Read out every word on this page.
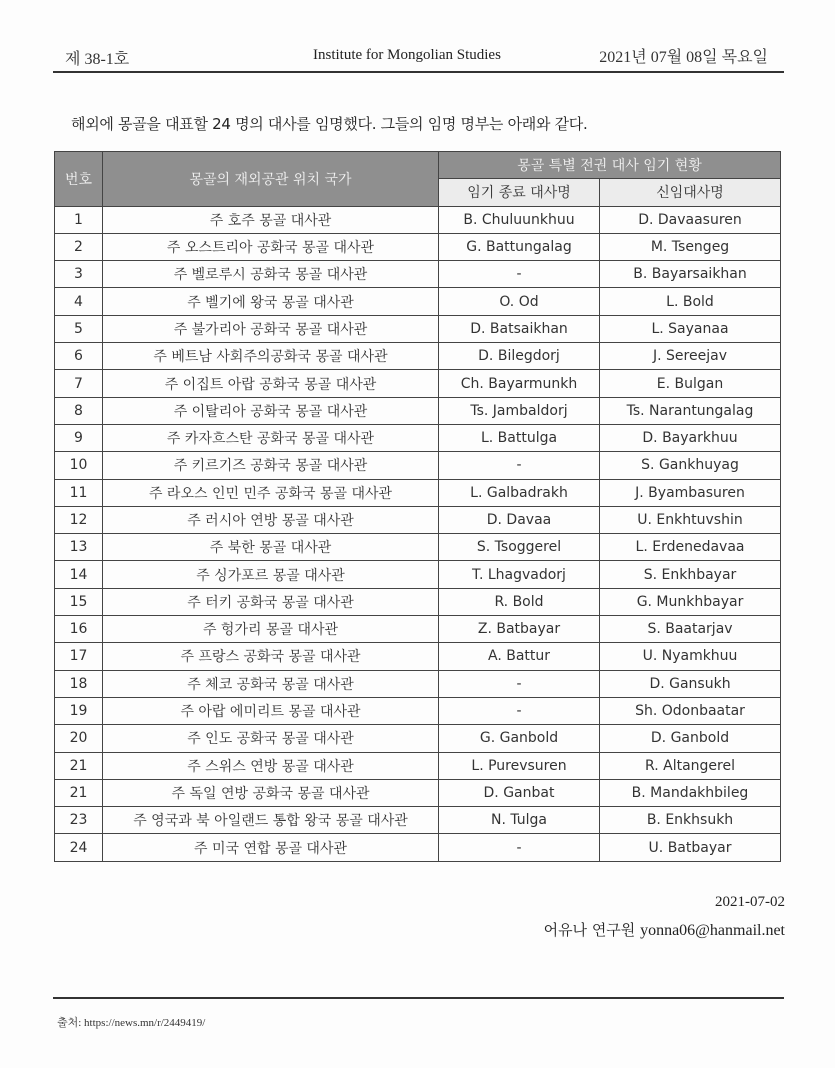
제 38-1호	Institute for Mongolian Studies	2021년 07월 08일 목요일
해외에 몽골을 대표할 24 명의 대사를 임명했다. 그들의 임명 명부는 아래와 같다.
번호	몽골의 재외공관 위치 국가	몽골 특별 전권 대사 임기 현황	
		임기 종료 대사명	신임대사명
1	주 호주 몽골 대사관	B. Chuluunkhuu	D. Davaasuren
2	주 오스트리아 공화국 몽골 대사관	G. Battungalag	M. Tsengeg
3	주 벨로루시 공화국 몽골 대사관	-	B. Bayarsaikhan
4	주 벨기에 왕국 몽골 대사관	O. Od	L. Bold
5	주 불가리아 공화국 몽골 대사관	D. Batsaikhan	L. Sayanaa
6	주 베트남 사회주의공화국 몽골 대사관	D. Bilegdorj	J. Sereejav
7	주 이집트 아랍 공화국 몽골 대사관	Ch. Bayarmunkh	E. Bulgan
8	주 이탈리아 공화국 몽골 대사관	Ts. Jambaldorj	Ts. Narantungalag
9	주 카자흐스탄 공화국 몽골 대사관	L. Battulga	D. Bayarkhuu
10	주 키르기즈 공화국 몽골 대사관	-	S. Gankhuyag
11	주 라오스 인민 민주 공화국 몽골 대사관	L. Galbadrakh	J. Byambasuren
12	주 러시아 연방 몽골 대사관	D. Davaa	U. Enkhtuvshin
13	주 북한 몽골 대사관	S. Tsoggerel	L. Erdenedavaa
14	주 싱가포르 몽골 대사관	T. Lhagvadorj	S. Enkhbayar
15	주 터키 공화국 몽골 대사관	R. Bold	G. Munkhbayar
16	주 헝가리 몽골 대사관	Z. Batbayar	S. Baatarjav
17	주 프랑스 공화국 몽골 대사관	A. Battur	U. Nyamkhuu
18	주 체코 공화국 몽골 대사관	-	D. Gansukh
19	주 아랍 에미리트 몽골 대사관	-	Sh. Odonbaatar
20	주 인도 공화국 몽골 대사관	G. Ganbold	D. Ganbold
21	주 스위스 연방 몽골 대사관	L. Purevsuren	R. Altangerel
21	주 독일 연방 공화국 몽골 대사관	D. Ganbat	B. Mandakhbileg
23	주 영국과 북 아일랜드 통합 왕국 몽골 대사관	N. Tulga	B. Enkhsukh
24	주 미국 연합 몽골 대사관	-	U. Batbayar
2021-07-02
어유나 연구원 yonna06@hanmail.net
출처: https://news.mn/r/2449419/
